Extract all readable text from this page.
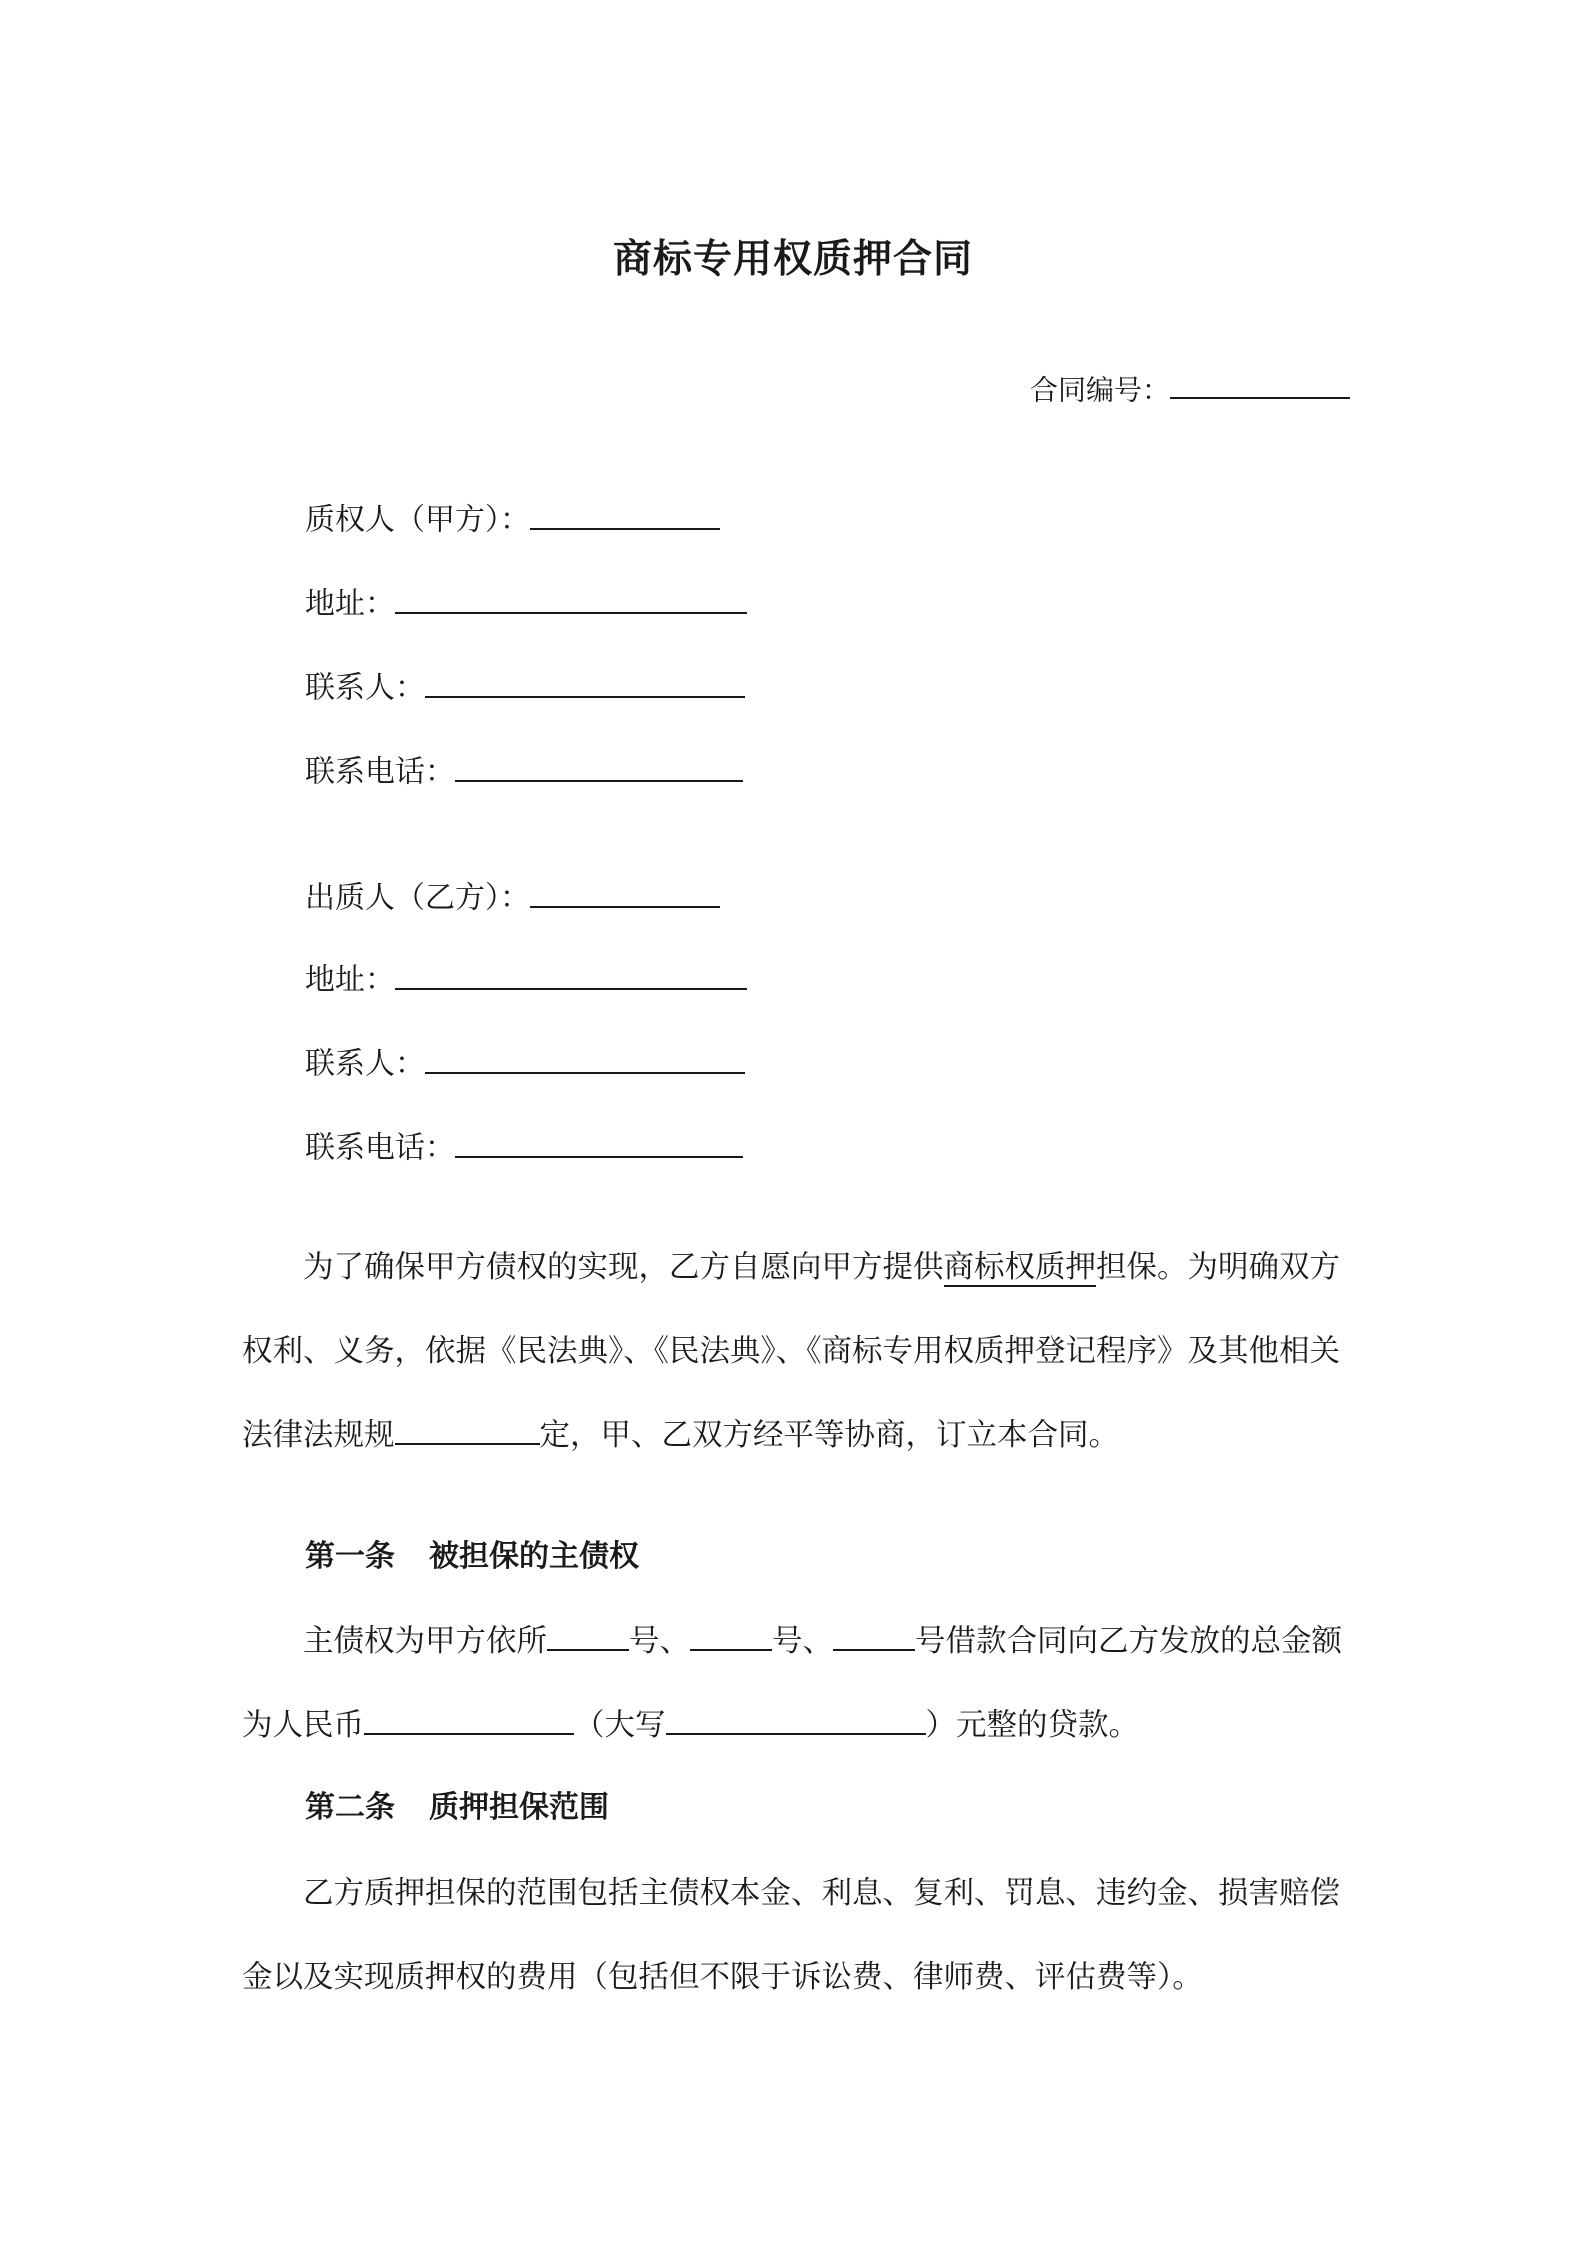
商标专用权质押合同
合同编号：
质权人（甲方）：
地址：
联系人：
联系电话：
出质人（乙方）：
地址：
联系人：
联系电话：
为了确保甲方债权的实现，乙方自愿向甲方提供商标权质押担保。为明确双方权利、义务，依据《民法典》、《民法典》、《商标专用权质押登记程序》及其他相关法律法规规	定，甲、乙双方经平等协商，订立本合同。
第一条 被担保的主债权
主债权为甲方依所	号、	号、	号借款合同向乙方发放的总金额为人民币	（大写	）元整的贷款。
第二条 质押担保范围
乙方质押担保的范围包括主债权本金、利息、复利、罚息、违约金、损害赔偿金以及实现质押权的费用（包括但不限于诉讼费、律师费、评估费等）。
